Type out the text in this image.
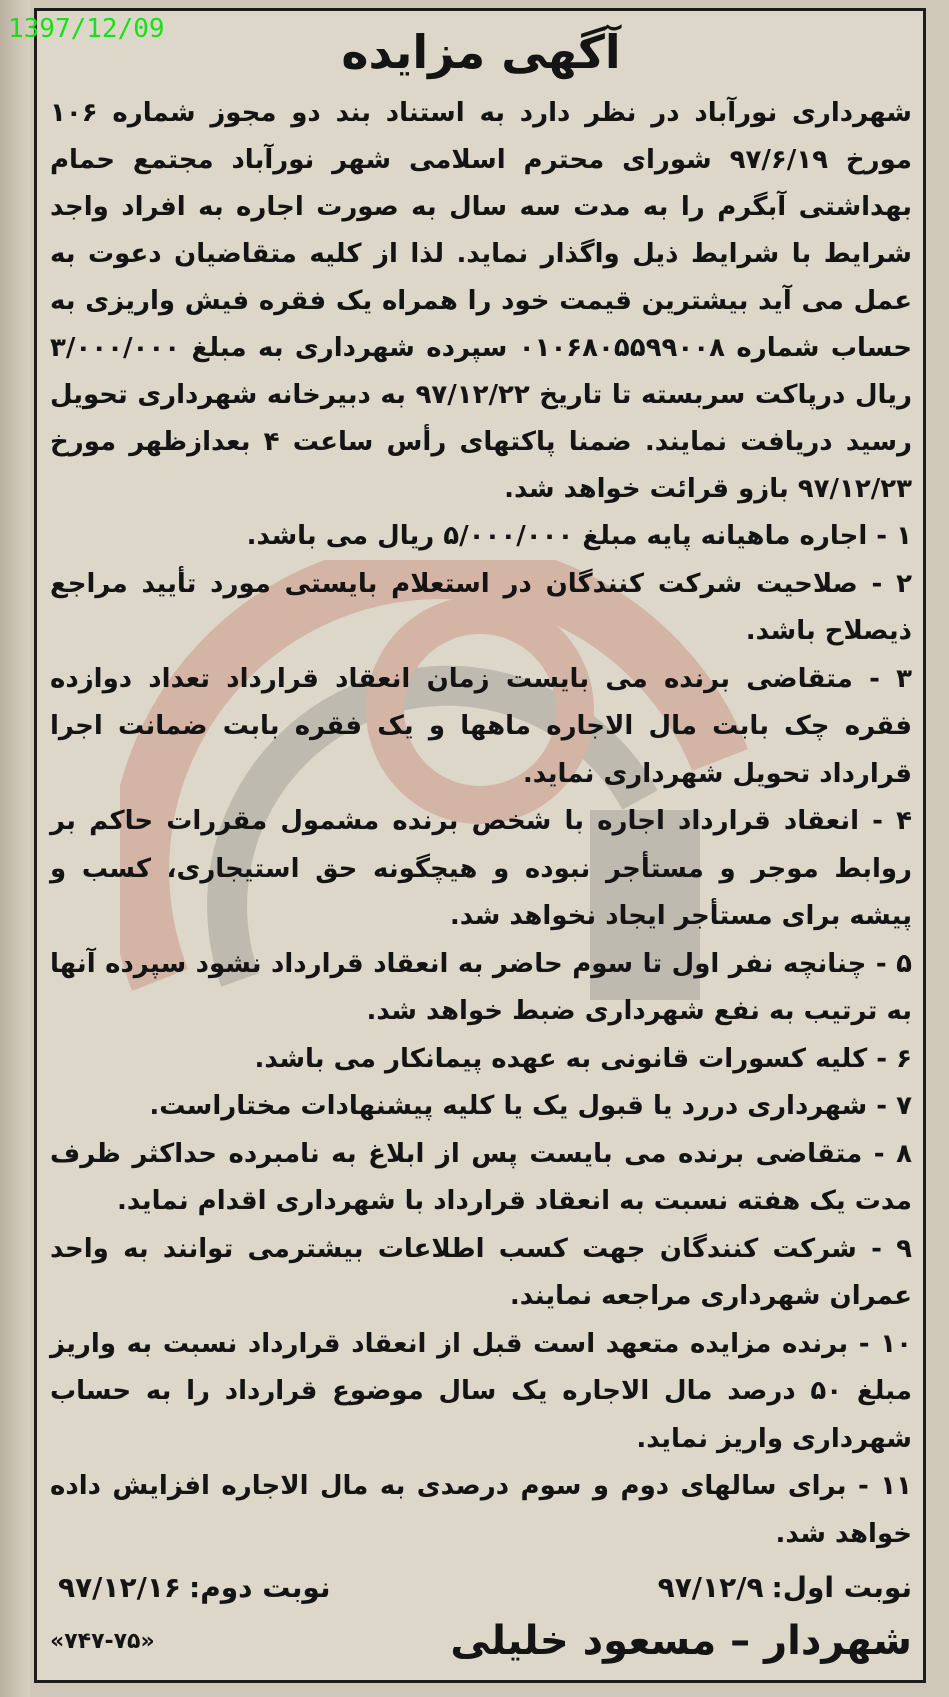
1397/12/09	آگهی مزایده

شهرداری نورآباد در نظر دارد به استناد بند دو مجوز شماره ۱۰۶ مورخ ۹۷/۶/۱۹ شورای محترم اسلامی شهر نورآباد مجتمع حمام بهداشتی آبگرم را به مدت سه سال به صورت اجاره به افراد واجد شرایط با شرایط ذیل واگذار نماید. لذا از کلیه متقاضیان دعوت به عمل می آید بیشترین قیمت خود را همراه یک فقره فیش واریزی به حساب شماره ۰۱۰۶۸۰۵۵۹۹۰۰۸ سپرده شهرداری به مبلغ ۳/۰۰۰/۰۰۰ ریال درپاکت سربسته تا تاریخ ۹۷/۱۲/۲۲ به دبیرخانه شهرداری تحویل رسید دریافت نمایند. ضمنا پاکتهای رأس ساعت ۴ بعدازظهر مورخ ۹۷/۱۲/۲۳ بازو قرائت خواهد شد.

۱ - اجاره ماهیانه پایه مبلغ ۵/۰۰۰/۰۰۰ ریال می باشد.
۲ - صلاحیت شرکت کنندگان در استعلام بایستی مورد تأیید مراجع ذیصلاح باشد.
۳ - متقاضی برنده می بایست زمان انعقاد قرارداد تعداد دوازده فقره چک بابت مال الاجاره ماهها و یک فقره بابت ضمانت اجرا قرارداد تحویل شهرداری نماید.
۴ - انعقاد قرارداد اجاره با شخص برنده مشمول مقررات حاکم بر روابط موجر و مستأجر نبوده و هیچگونه حق استیجاری، کسب و پیشه برای مستأجر ایجاد نخواهد شد.
۵ - چنانچه نفر اول تا سوم حاضر به انعقاد قرارداد نشود سپرده آنها به ترتیب به نفع شهرداری ضبط خواهد شد.
۶ - کلیه کسورات قانونی به عهده پیمانکار می باشد.
۷ - شهرداری دررد یا قبول یک یا کلیه پیشنهادات مختاراست.
۸ - متقاضی برنده می بایست پس از ابلاغ به نامبرده حداکثر ظرف مدت یک هفته نسبت به انعقاد قرارداد با شهرداری اقدام نماید.
۹ - شرکت کنندگان جهت کسب اطلاعات بیشترمی توانند به واحد عمران شهرداری مراجعه نمایند.
۱۰ - برنده مزایده متعهد است قبل از انعقاد قرارداد نسبت به واریز مبلغ ۵۰ درصد مال الاجاره یک سال موضوع قرارداد را به حساب شهرداری واریز نماید.
۱۱ - برای سالهای دوم و سوم درصدی به مال الاجاره افزایش داده خواهد شد.
نوبت اول:۹۷/۱۲/۹
نوبت دوم:۹۷/۱۲/۱۶
شهردار – مسعود خلیلی
«۷۴۷-۷۵»
